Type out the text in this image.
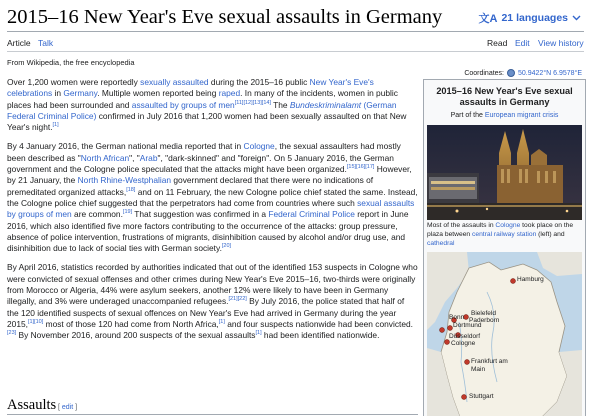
2015–16 New Year's Eve sexual assaults in Germany	文A 21 languages
Article Talk	Read Edit View history
From Wikipedia, the free encyclopedia
Coordinates: 50.9422°N 6.9578°E

Over 1,200 women were reportedly sexually assaulted during the 2015–16 public New Year's Eve's celebrations in Germany. Multiple women reported being raped. In many of the incidents, women in public places had been surrounded and assaulted by groups of men[11][12][13][14] The Bundeskriminalamt (German Federal Criminal Police) confirmed in July 2016 that 1,200 women had been sexually assaulted on that New Year's night.[1]

By 4 January 2016, the German national media reported that in Cologne, the sexual assaulters had mostly been described as "North African", "Arab", "dark-skinned" and "foreign". On 5 January 2016, the German government and the Cologne police speculated that the attacks might have been organized.[15][16][17] However, by 21 January, the North Rhine-Westphalian government declared that there were no indications of premeditated organized attacks,[18] and on 11 February, the new Cologne police chief stated the same. Instead, the Cologne police chief suggested that the perpetrators had come from countries where such sexual assaults by groups of men are common.[19] That suggestion was confirmed in a Federal Criminal Police report in June 2016, which also identified five more factors contributing to the occurrence of the attacks: group pressure, absence of police intervention, frustrations of migrants, disinhibition caused by alcohol and/or drug use, and disinhibition due to lack of social ties with German society.[20]

By April 2016, statistics recorded by authorities indicated that out of the identified 153 suspects in Cologne who were convicted of sexual offenses and other crimes during New Year's Eve 2015–16, two-thirds were originally from Morocco or Algeria, 44% were asylum seekers, another 12% were likely to have been in Germany illegally, and 3% were underaged unaccompanied refugees.[21][22] By July 2016, the police stated that half of the 120 identified suspects of sexual offences on New Year's Eve had arrived in Germany during the year 2015,[1][10] most of those 120 had come from North Africa,[1] and four suspects nationwide had been convicted.[23] By November 2016, around 200 suspects of the sexual assaults[1] had been identified nationwide.

Assaults [ edit ]
2015–16 New Year's Eve sexual assaults in Germany
Part of the European migrant crisis
Most of the assaults in Cologne took place on the plaza between central railway station (left) and cathedral
Hamburg
Bielefeld
Bonn Paderborn
Dortmund
Düsseldorf
Cologne
Frankfurt am Main
Stuttgart
